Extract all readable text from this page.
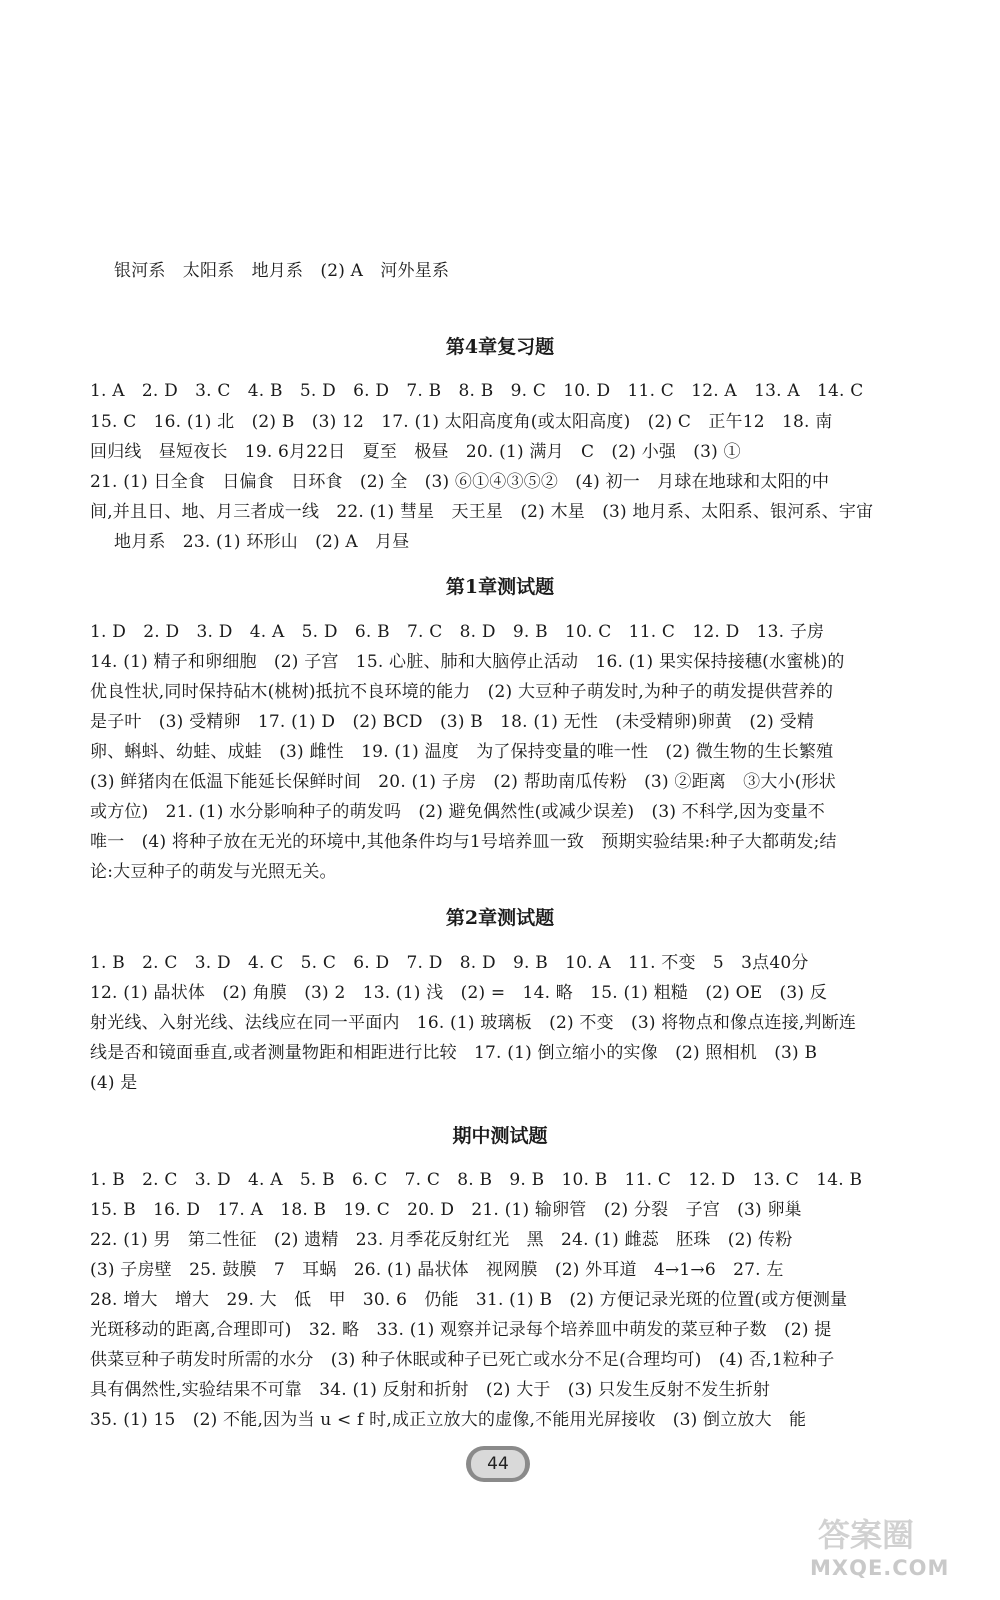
银河系　太阳系　地月系　(2) A　河外星系
第4章复习题
1. A　2. D　3. C　4. B　5. D　6. D　7. B　8. B　9. C　10. D　11. C　12. A　13. A　14. C
15. C　16. (1) 北　(2) B　(3) 12　17. (1) 太阳高度角(或太阳高度)　(2) C　正午12　18. 南
回归线　昼短夜长　19. 6月22日　夏至　极昼　20. (1) 满月　C　(2) 小强　(3) ①
21. (1) 日全食　日偏食　日环食　(2) 全　(3) ⑥①④③⑤②　(4) 初一　月球在地球和太阳的中
间,并且日、地、月三者成一线　22. (1) 彗星　天王星　(2) 木星　(3) 地月系、太阳系、银河系、宇宙
地月系　23. (1) 环形山　(2) A　月昼
第1章测试题
1. D　2. D　3. D　4. A　5. D　6. B　7. C　8. D　9. B　10. C　11. C　12. D　13. 子房
14. (1) 精子和卵细胞　(2) 子宫　15. 心脏、肺和大脑停止活动　16. (1) 果实保持接穗(水蜜桃)的
优良性状,同时保持砧木(桃树)抵抗不良环境的能力　(2) 大豆种子萌发时,为种子的萌发提供营养的
是子叶　(3) 受精卵　17. (1) D　(2) BCD　(3) B　18. (1) 无性　(未受精卵)卵黄　(2) 受精
卵、蝌蚪、幼蛙、成蛙　(3) 雌性　19. (1) 温度　为了保持变量的唯一性　(2) 微生物的生长繁殖
(3) 鲜猪肉在低温下能延长保鲜时间　20. (1) 子房　(2) 帮助南瓜传粉　(3) ②距离　③大小(形状
或方位)　21. (1) 水分影响种子的萌发吗　(2) 避免偶然性(或减少误差)　(3) 不科学,因为变量不
唯一　(4) 将种子放在无光的环境中,其他条件均与1号培养皿一致　预期实验结果:种子大都萌发;结
论:大豆种子的萌发与光照无关。
第2章测试题
1. B　2. C　3. D　4. C　5. C　6. D　7. D　8. D　9. B　10. A　11. 不变　5　3点40分
12. (1) 晶状体　(2) 角膜　(3) 2　13. (1) 浅　(2) =　14. 略　15. (1) 粗糙　(2) OE　(3) 反
射光线、入射光线、法线应在同一平面内　16. (1) 玻璃板　(2) 不变　(3) 将物点和像点连接,判断连
线是否和镜面垂直,或者测量物距和相距进行比较　17. (1) 倒立缩小的实像　(2) 照相机　(3) B
(4) 是
期中测试题
1. B　2. C　3. D　4. A　5. B　6. C　7. C　8. B　9. B　10. B　11. C　12. D　13. C　14. B
15. B　16. D　17. A　18. B　19. C　20. D　21. (1) 输卵管　(2) 分裂　子宫　(3) 卵巢
22. (1) 男　第二性征　(2) 遗精　23. 月季花反射红光　黑　24. (1) 雌蕊　胚珠　(2) 传粉
(3) 子房壁　25. 鼓膜　7　耳蜗　26. (1) 晶状体　视网膜　(2) 外耳道　4→1→6　27. 左
28. 增大　增大　29. 大　低　甲　30. 6　仍能　31. (1) B　(2) 方便记录光斑的位置(或方便测量
光斑移动的距离,合理即可)　32. 略　33. (1) 观察并记录每个培养皿中萌发的菜豆种子数　(2) 提
供菜豆种子萌发时所需的水分　(3) 种子休眠或种子已死亡或水分不足(合理均可)　(4) 否,1粒种子
具有偶然性,实验结果不可靠　34. (1) 反射和折射　(2) 大于　(3) 只发生反射不发生折射
35. (1) 15　(2) 不能,因为当 u < f 时,成正立放大的虚像,不能用光屏接收　(3) 倒立放大　能
44
答案圈
MXQE.COM
